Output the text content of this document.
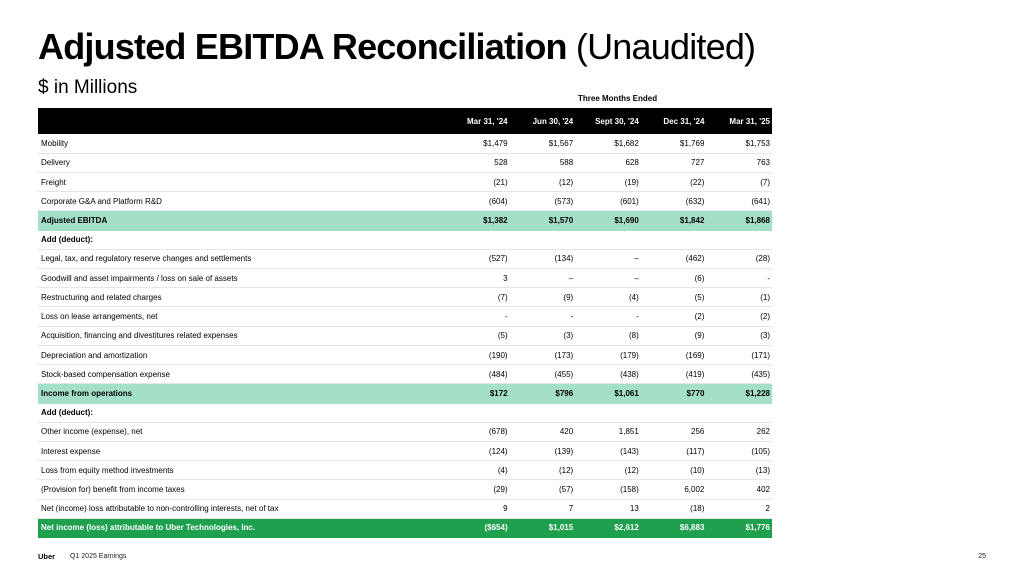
Adjusted EBITDA Reconciliation (Unaudited)
$ in Millions
Three Months Ended
	Mar 31, '24	Jun 30, '24	Sept 30, '24	Dec 31, '24	Mar 31, '25
Mobility	$1,479	$1,567	$1,682	$1,769	$1,753
Delivery	528	588	628	727	763
Freight	(21)	(12)	(19)	(22)	(7)
Corporate G&A and Platform R&D	(604)	(573)	(601)	(632)	(641)
Adjusted EBITDA	$1,382	$1,570	$1,690	$1,842	$1,868
Add (deduct):					
Legal, tax, and regulatory reserve changes and settlements	(527)	(134)	–	(462)	(28)
Goodwill and asset impairments / loss on sale of assets	3	–	–	(6)	-
Restructuring and related charges	(7)	(9)	(4)	(5)	(1)
Loss on lease arrangements, net	-	-	-	(2)	(2)
Acquisition, financing and divestitures related expenses	(5)	(3)	(8)	(9)	(3)
Depreciation and amortization	(190)	(173)	(179)	(169)	(171)
Stock-based compensation expense	(484)	(455)	(438)	(419)	(435)
Income from operations	$172	$796	$1,061	$770	$1,228
Add (deduct):					
Other income (expense), net	(678)	420	1,851	256	262
Interest expense	(124)	(139)	(143)	(117)	(105)
Loss from equity method investments	(4)	(12)	(12)	(10)	(13)
(Provision for) benefit from income taxes	(29)	(57)	(158)	6,002	402
Net (income) loss attributable to non-controlling interests, net of tax	9	7	13	(18)	2
Net income (loss) attributable to Uber Technologies, Inc.	($654)	$1,015	$2,612	$6,883	$1,776
Uber Q1 2025 Earnings	25
